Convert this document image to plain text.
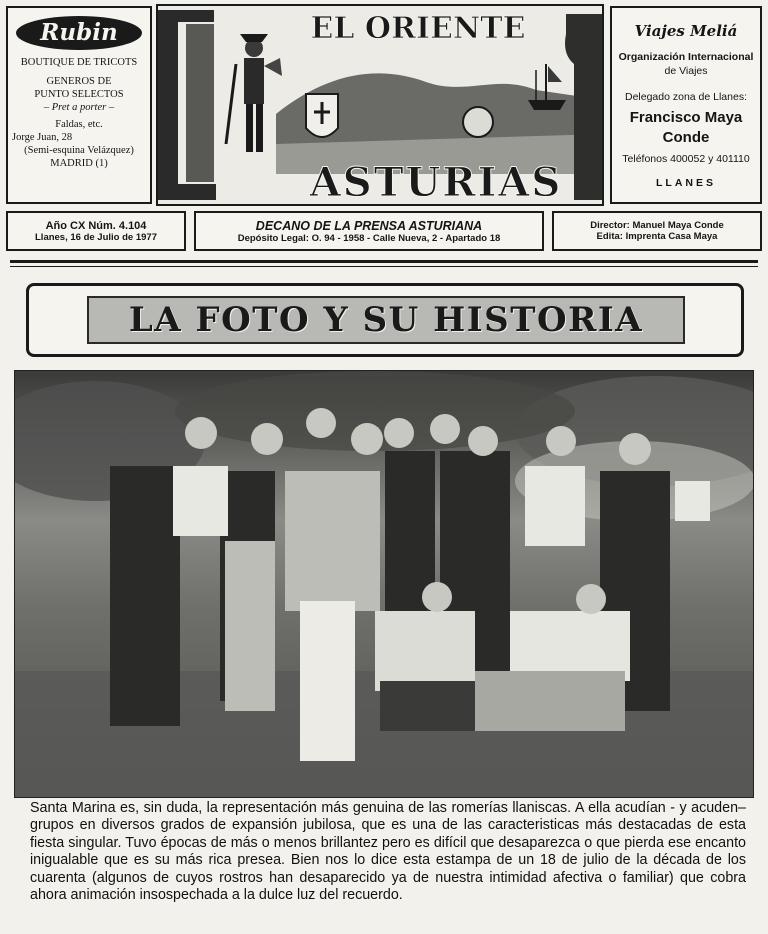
Rubin
BOUTIQUE DE TRICOTS
GENEROS DE
PUNTO SELECTOS
– Pret a porter –
Faldas, etc.
Jorge Juan, 28
(Semi-esquina Velázquez)
MADRID (1)
EL ORIENTE
ASTURIAS
Viajes Meliá
Organización Internacional
de Viajes
Delegado zona de Llanes:
Francisco Maya Conde
Teléfonos 400052 y 401110
LLANES
Año CX Núm. 4.104
Llanes, 16 de Julio de 1977
DECANO DE LA PRENSA ASTURIANA
Depósito Legal: O. 94 - 1958 - Calle Nueva, 2 - Apartado 18
Director: Manuel Maya Conde
Edita: Imprenta Casa Maya
LA FOTO Y SU HISTORIA
Santa Marina es, sin duda, la representación más genuina de las romerías llaniscas. A ella acudían - y acuden– grupos en diversos grados de expansión jubilosa, que es una de las caracteristicas más destacadas de esta fiesta singular. Tuvo épocas de más o menos brillantez pero es difícil que desaparezca o que pierda ese encanto inigualable que es su más rica presea. Bien nos lo dice esta estampa de un 18 de julio de la década de los cuarenta (algunos de cuyos rostros han desaparecido ya de nuestra intimidad afectiva o familiar) que cobra ahora animación insospechada a la dulce luz del recuerdo.
